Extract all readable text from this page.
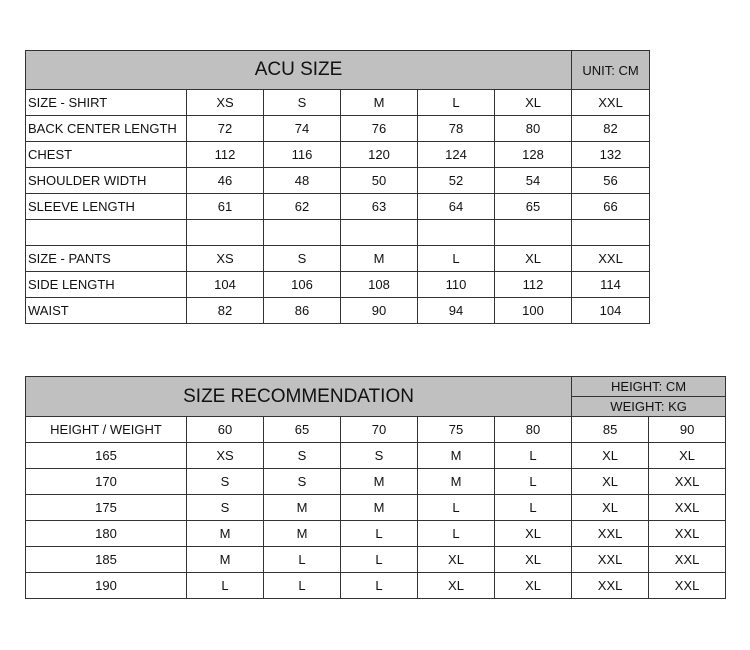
ACU SIZE						UNIT: CM
SIZE - SHIRT	XS	S	M	L	XL	XXL
BACK CENTER LENGTH	72	74	76	78	80	82
CHEST	112	116	120	124	128	132
SHOULDER WIDTH	46	48	50	52	54	56
SLEEVE LENGTH	61	62	63	64	65	66

SIZE - PANTS	XS	S	M	L	XL	XXL
SIDE LENGTH	104	106	108	110	112	114
WAIST	82	86	90	94	100	104
SIZE RECOMMENDATION						HEIGHT: CM	
						WEIGHT: KG	
HEIGHT / WEIGHT	60	65	70	75	80	85	90
165	XS	S	S	M	L	XL	XL
170	S	S	M	M	L	XL	XXL
175	S	M	M	L	L	XL	XXL
180	M	M	L	L	XL	XXL	XXL
185	M	L	L	XL	XL	XXL	XXL
190	L	L	L	XL	XL	XXL	XXL
